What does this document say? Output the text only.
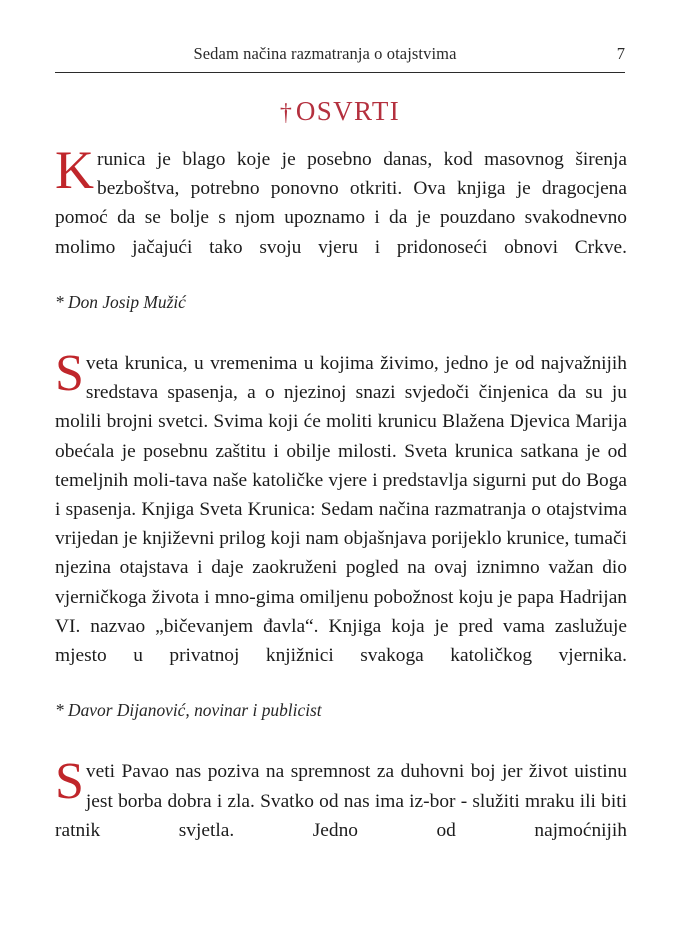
Sedam načina razmatranja o otajstvima	7
† OSVRTI

Krunica je blago koje je posebno danas, kod masovnog širenja bezboštva, potrebno ponovno otkriti. Ova knjiga je dragocjena pomoć da se bolje s njom upoznamo i da je pouzdano svakodnevno molimo jačajući tako svoju vjeru i pridonoseći obnovi Crkve.

* Don Josip Mužić

Sveta krunica, u vremenima u kojima živimo, jedno je od najvažnijih sredstava spasenja, a o njezinoj snazi svjedoči činjenica da su ju molili brojni svetci. Svima koji će moliti krunicu Blažena Djevica Marija obećala je posebnu zaštitu i obilje milosti. Sveta krunica satkana je od temeljnih moli-tava naše katoličke vjere i predstavlja sigurni put do Boga i spasenja. Knjiga Sveta Krunica: Sedam načina razmatranja o otajstvima vrijedan je književni prilog koji nam objašnjava porijeklo krunice, tumači njezina otajstava i daje zaokruženi pogled na ovaj iznimno važan dio vjerničkoga života i mno-gima omiljenu pobožnost koju je papa Hadrijan VI. nazvao „bičevanjem đavla“. Knjiga koja je pred vama zaslužuje mjesto u privatnoj knjižnici svakoga katoličkog vjernika.

* Davor Dijanović, novinar i publicist

Sveti Pavao nas poziva na spremnost za duhovni boj jer život uistinu jest borba dobra i zla. Svatko od nas ima iz-bor - služiti mraku ili biti ratnik svjetla. Jedno od najmoćnijih
